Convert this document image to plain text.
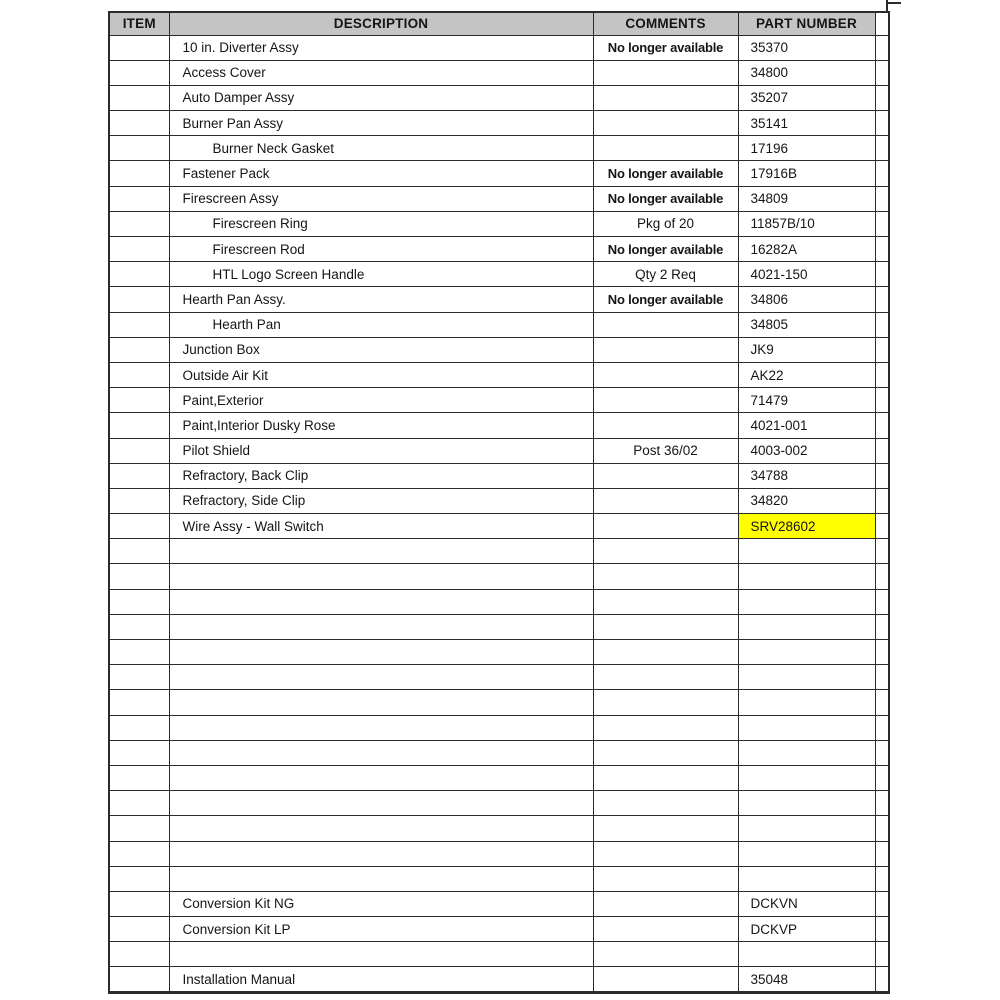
ITEM	DESCRIPTION	COMMENTS	PART NUMBER	
	10 in. Diverter Assy	No longer available	35370	
	Access Cover		34800	
	Auto Damper Assy		35207	
	Burner Pan Assy		35141	
	Burner Neck Gasket		17196	
	Fastener Pack	No longer available	17916B	
	Firescreen Assy	No longer available	34809	
	Firescreen Ring	Pkg of 20	11857B/10	
	Firescreen Rod	No longer available	16282A	
	HTL Logo Screen Handle	Qty 2 Req	4021-150	
	Hearth Pan Assy.	No longer available	34806	
	Hearth Pan		34805	
	Junction Box		JK9	
	Outside Air Kit		AK22	
	Paint,Exterior		71479	
	Paint,Interior Dusky Rose		4021-001	
	Pilot Shield	Post 36/02	4003-002	
	Refractory, Back Clip		34788	
	Refractory, Side Clip		34820	
	Wire Assy - Wall Switch		SRV28602	

	Conversion Kit NG		DCKVN	
	Conversion Kit LP		DCKVP	

	Installation Manual		35048	
